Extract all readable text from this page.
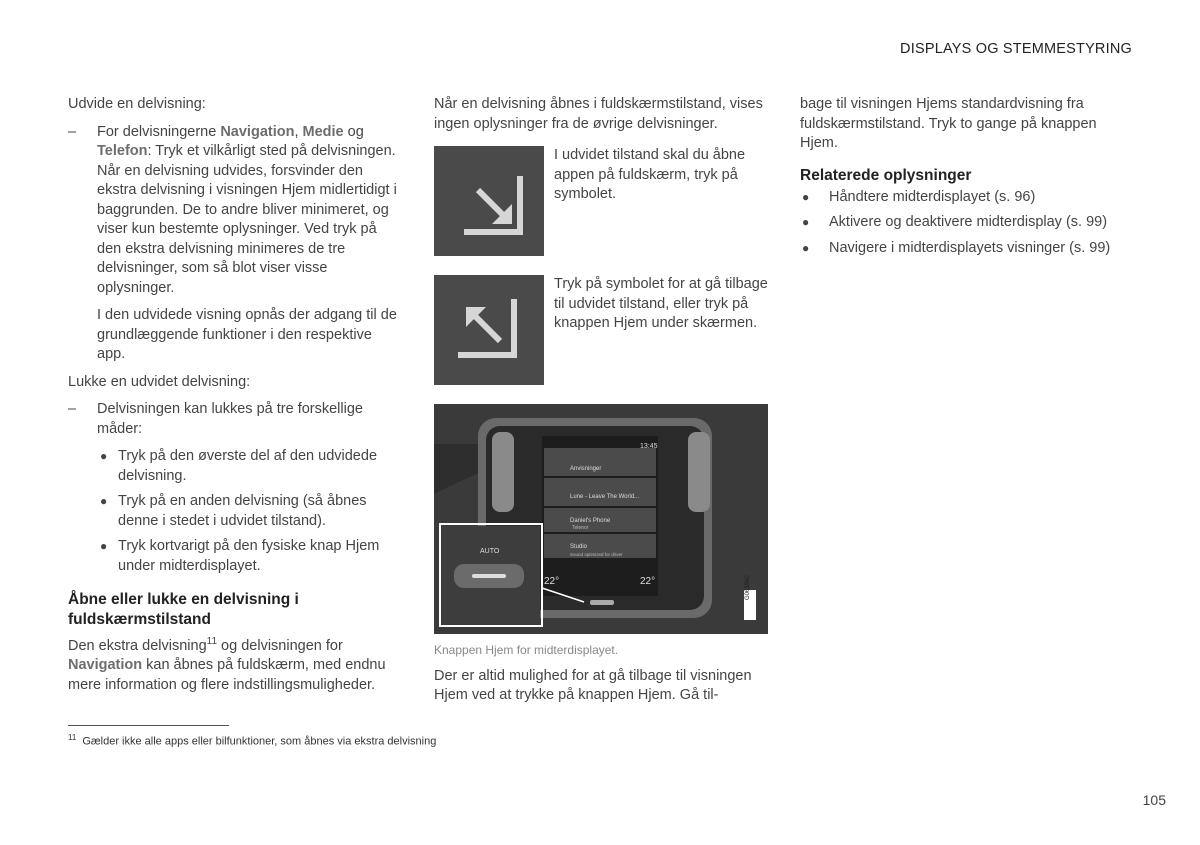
DISPLAYS OG STEMMESTYRING

Udvide en delvisning:

– For delvisningerne Navigation, Medie og Telefon: Tryk et vilkårligt sted på delvisningen. Når en delvisning udvides, forsvinder den ekstra delvisning i visningen Hjem midlertidigt i baggrunden. De to andre bliver minimeret, og viser kun bestemte oplysninger. Ved tryk på den ekstra delvisning minimeres de tre delvisninger, som så blot viser visse oplysninger.

I den udvidede visning opnås der adgang til de grundlæggende funktioner i den respektive app.

Lukke en udvidet delvisning:

– Delvisningen kan lukkes på tre forskellige måder:
● Tryk på den øverste del af den udvidede delvisning.
● Tryk på en anden delvisning (så åbnes denne i stedet i udvidet tilstand).
● Tryk kortvarigt på den fysiske knap Hjem under midterdisplayet.
Åbne eller lukke en delvisning i fuldskærmstilstand

Den ekstra delvisning$^{11}$ og delvisningen for Navigation kan åbnes på fuldskærm, med endnu mere information og flere indstillingsmuligheder.

Når en delvisning åbnes i fuldskærmstilstand, vises ingen oplysninger fra de øvrige delvisninger.

I udvidet tilstand skal du åbne appen på fuldskærm, tryk på symbolet.
Tryk på symbolet for at gå tilbage til udvidet tilstand, eller tryk på knappen Hjem under skærmen.
13:45
Anvisninger
Lune - Leave The World...
Daniel's Phone
Telenor
Studio
Sound optimized for driver
22°	22°
AUTO
G063860
Knappen Hjem for midterdisplayet.

Der er altid mulighed for at gå tilbage til visningen Hjem ved at trykke på knappen Hjem. Gå til-

bage til visningen Hjems standardvisning fra fuldskærmstilstand. Tryk to gange på knappen Hjem.

Relaterede oplysninger
● Håndtere midterdisplayet (s. 96)
● Aktivere og deaktivere midterdisplay (s. 99)
● Navigere i midterdisplayets visninger (s. 99)
$^{11}$ Gælder ikke alle apps eller bilfunktioner, som åbnes via ekstra delvisning
105
